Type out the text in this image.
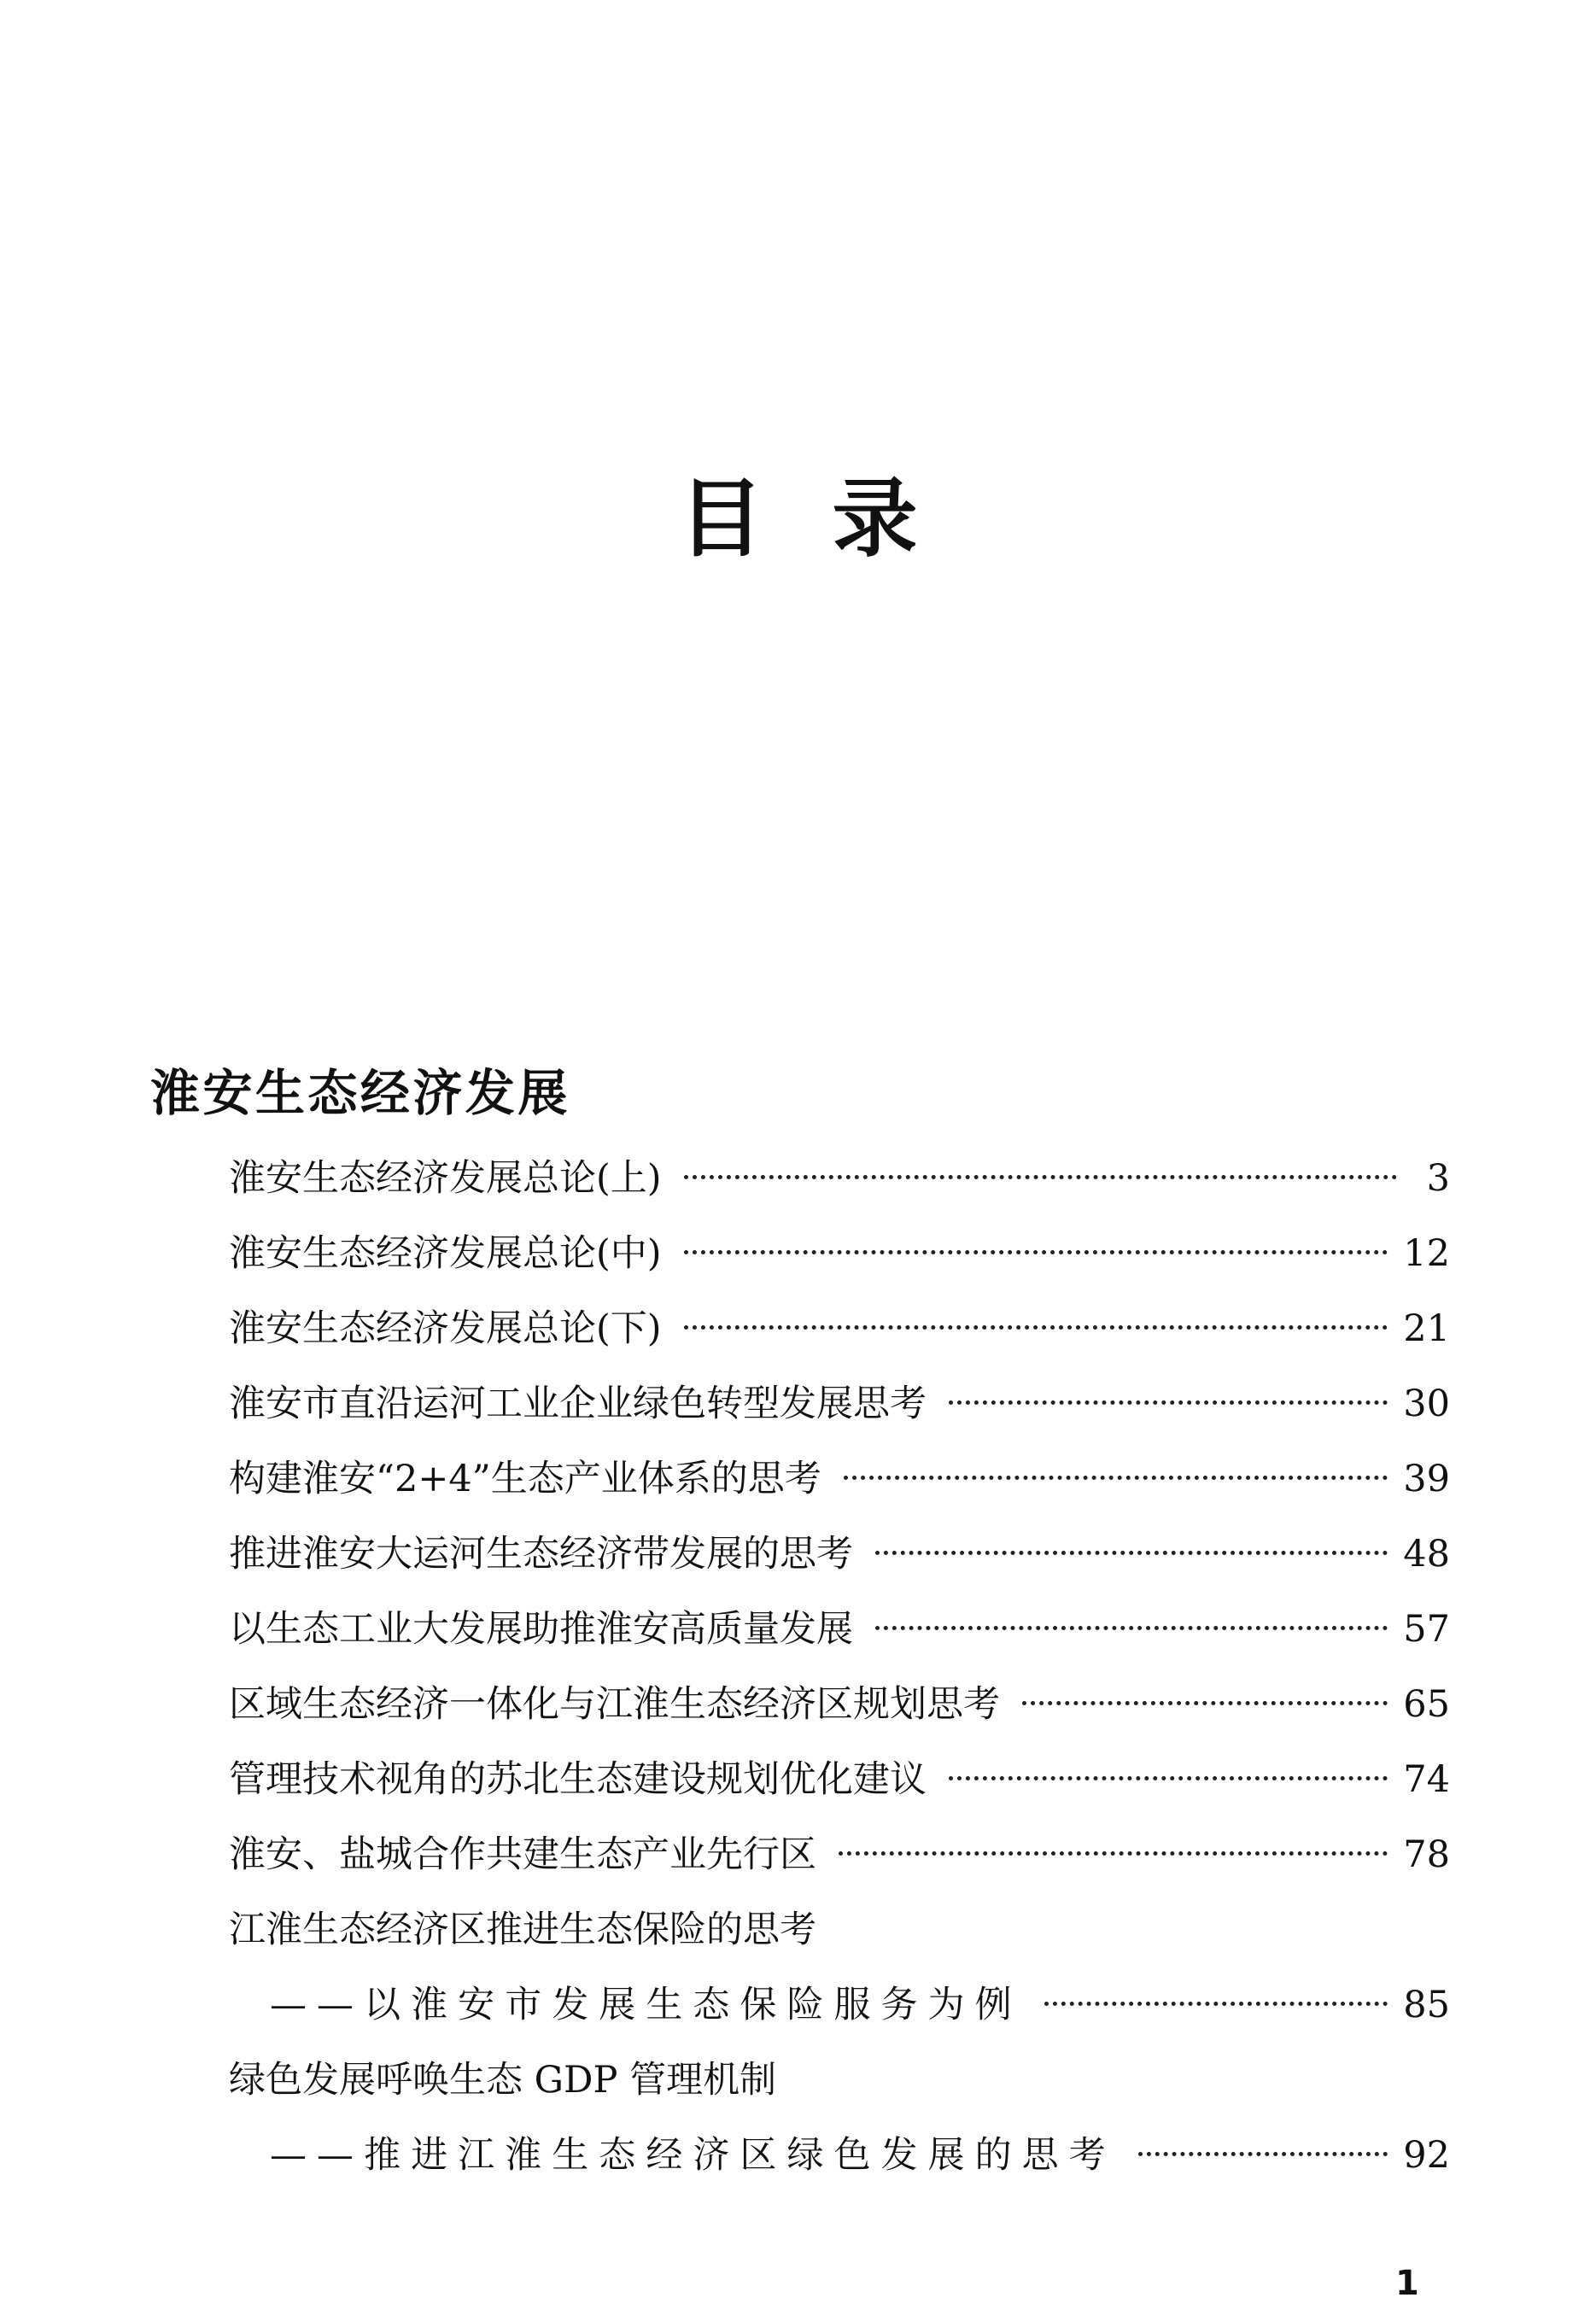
目录
淮安生态经济发展
淮安生态经济发展总论(上)	3
淮安生态经济发展总论(中)	12
淮安生态经济发展总论(下)	21
淮安市直沿运河工业企业绿色转型发展思考	30
构建淮安“2+4”生态产业体系的思考	39
推进淮安大运河生态经济带发展的思考	48
以生态工业大发展助推淮安高质量发展	57
区域生态经济一体化与江淮生态经济区规划思考	65
管理技术视角的苏北生态建设规划优化建议	74
淮安、盐城合作共建生态产业先行区	78
江淮生态经济区推进生态保险的思考
——以淮安市发展生态保险服务为例	85
绿色发展呼唤生态 GDP 管理机制
——推进江淮生态经济区绿色发展的思考	92
1
